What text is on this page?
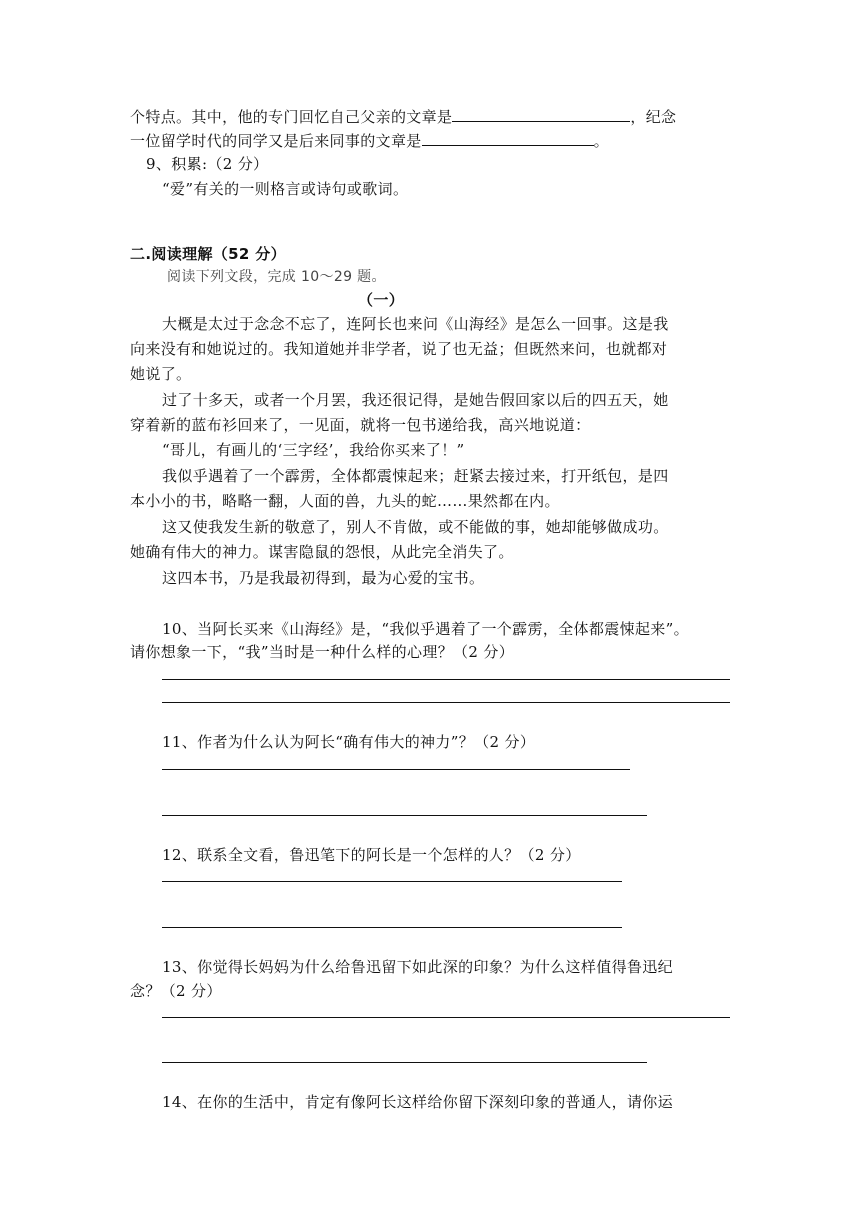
个特点。其中，他的专门回忆自己父亲的文章是	，纪念
一位留学时代的同学又是后来同事的文章是	。
9、积累:（2 分）
“爱”有关的一则格言或诗句或歌词。
二.阅读理解（52 分）
阅读下列文段，完成 10～29 题。
（一）
大概是太过于念念不忘了，连阿长也来问《山海经》是怎么一回事。这是我
向来没有和她说过的。我知道她并非学者，说了也无益；但既然来问，也就都对
她说了。
过了十多天，或者一个月罢，我还很记得，是她告假回家以后的四五天，她
穿着新的蓝布衫回来了，一见面，就将一包书递给我，高兴地说道：
“哥儿，有画儿的‘三字经’，我给你买来了！”
我似乎遇着了一个霹雳，全体都震悚起来；赶紧去接过来，打开纸包，是四
本小小的书，略略一翻，人面的兽，九头的蛇……果然都在内。
这又使我发生新的敬意了，别人不肯做，或不能做的事，她却能够做成功。
她确有伟大的神力。谋害隐鼠的怨恨，从此完全消失了。
这四本书，乃是我最初得到，最为心爱的宝书。
10、当阿长买来《山海经》是，“我似乎遇着了一个霹雳，全体都震悚起来”。
请你想象一下，“我”当时是一种什么样的心理？（2 分）
11、作者为什么认为阿长“确有伟大的神力”？（2 分）
12、联系全文看，鲁迅笔下的阿长是一个怎样的人？（2 分）
13、你觉得长妈妈为什么给鲁迅留下如此深的印象？为什么这样值得鲁迅纪
念？（2 分）
14、在你的生活中，肯定有像阿长这样给你留下深刻印象的普通人，请你运
